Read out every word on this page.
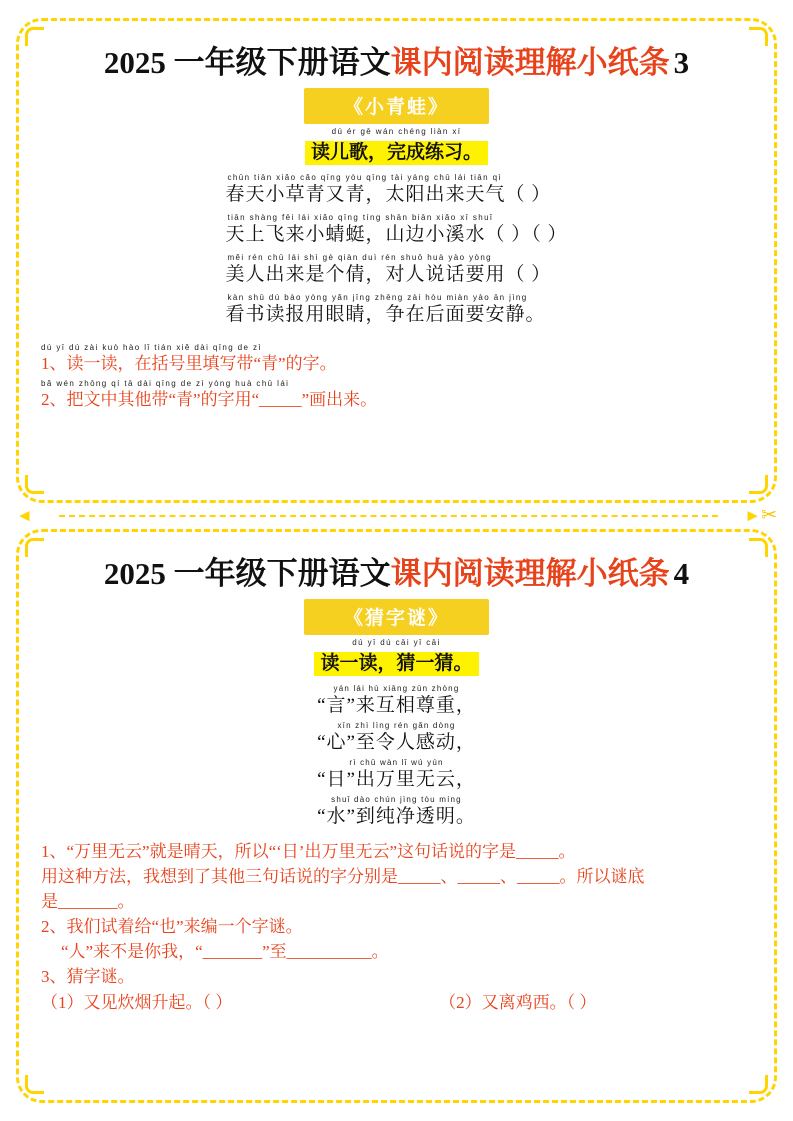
2025 一年级下册语文 课内阅读理解 小纸条 3
《小青蛙》
dú ér gē wán chéng liàn xí
读儿歌，完成练习。
chūn tiān xiǎo cǎo qīng yòu qīng tài yáng chū lái tiān qì
春天小草青又青，太阳出来天气（ ）
tiān shàng fēi lái xiǎo qīng tíng shān biān xiǎo xī shuǐ
天上飞来小蜻蜓，山边小溪水（ ）（ ）
měi rén chū lái shì gè qiàn duì rén shuō huà yào yòng
美人出来是个倩，对人说话要用（ ）
kàn shū dú bào yòng yǎn jīng zhēng zài hòu miàn yào ān jìng
看书读报用眼睛，争在后面要安静。
dú yī dú zài kuò hào lǐ tián xiě dài qīng de zì
1、读一读，在括号里填写带“青”的字。
bǎ wén zhōng qí tā dài qīng de zì yòng huà chū lái
2、把文中其他带“青”的字用“_____”画出来。
◄	► ✂
2025 一年级下册语文 课内阅读理解 小纸条 4
《猜字谜》
dú yī dú cāi yī cāi
读一读，猜一猜。
yán lái hù xiāng zūn zhòng
“言”来互相尊重，
xīn zhì lìng rén gǎn dòng
“心”至令人感动，
rì chū wàn lǐ wú yún
“日”出万里无云，
shuǐ dào chún jìng tòu míng
“水”到纯净透明。
1、“万里无云”就是晴天，所以“‘日’出万里无云”这句话说的字是_____。
用这种方法，我想到了其他三句话说的字分别是_____、_____、_____。所以谜底
是_______。
2、我们试着给“也”来编一个字谜。
“人”来不是你我，“_______”至__________。
3、猜字谜。
（1）又见炊烟升起。（ ）	（2）又离鸡西。（ ）
